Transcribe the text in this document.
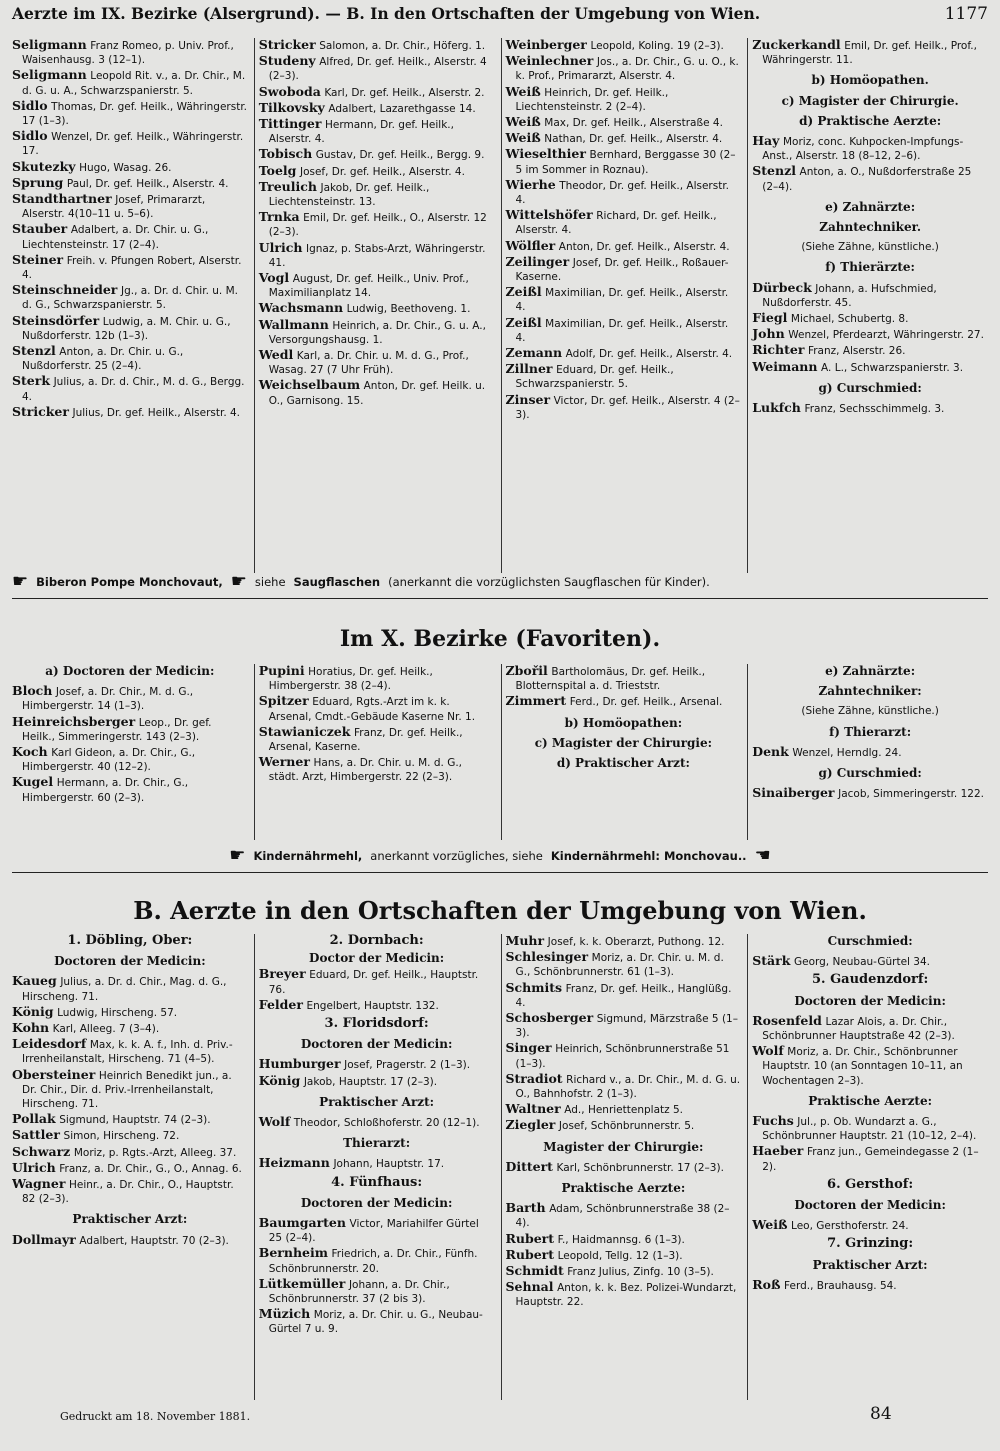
Aerzte im IX. Bezirke (Alsergrund). — B. In den Ortschaften der Umgebung von Wien.	1177
Seligmann Franz Romeo, p. Univ. Prof., Waisenhausg. 3 (12–1).
Seligmann Leopold Rit. v., a. Dr. Chir., M. d. G. u. A., Schwarzspanierstr. 5.
Sidlo Thomas, Dr. gef. Heilk., Währingerstr. 17 (1–3).
Sidlo Wenzel, Dr. gef. Heilk., Währingerstr. 17.
Skutezky Hugo, Wasag. 26.
Sprung Paul, Dr. gef. Heilk., Alserstr. 4.
Standthartner Josef, Primararzt, Alserstr. 4(10–11 u. 5–6).
Stauber Adalbert, a. Dr. Chir. u. G., Liechtensteinstr. 17 (2–4).
Steiner Freih. v. Pfungen Robert, Alserstr. 4.
Steinschneider Jg., a. Dr. d. Chir. u. M. d. G., Schwarzspanierstr. 5.
Steinsdörfer Ludwig, a. M. Chir. u. G., Nußdorferstr. 12b (1–3).
Stenzl Anton, a. Dr. Chir. u. G., Nußdorferstr. 25 (2–4).
Sterk Julius, a. Dr. d. Chir., M. d. G., Bergg. 4.
Stricker Julius, Dr. gef. Heilk., Alserstr. 4.
Stricker Salomon, a. Dr. Chir., Höferg. 1.
Studeny Alfred, Dr. gef. Heilk., Alserstr. 4 (2–3).
Swoboda Karl, Dr. gef. Heilk., Alserstr. 2.
Tilkovsky Adalbert, Lazarethgasse 14.
Tittinger Hermann, Dr. gef. Heilk., Alserstr. 4.
Tobisch Gustav, Dr. gef. Heilk., Bergg. 9.
Toelg Josef, Dr. gef. Heilk., Alserstr. 4.
Treulich Jakob, Dr. gef. Heilk., Liechtensteinstr. 13.
Trnka Emil, Dr. gef. Heilk., O., Alserstr. 12 (2–3).
Ulrich Ignaz, p. Stabs-Arzt, Währingerstr. 41.
Vogl August, Dr. gef. Heilk., Univ. Prof., Maximilianplatz 14.
Wachsmann Ludwig, Beethoveng. 1.
Wallmann Heinrich, a. Dr. Chir., G. u. A., Versorgungshausg. 1.
Wedl Karl, a. Dr. Chir. u. M. d. G., Prof., Wasag. 27 (7 Uhr Früh).
Weichselbaum Anton, Dr. gef. Heilk. u. O., Garnisong. 15.
Weinberger Leopold, Koling. 19 (2–3).
Weinlechner Jos., a. Dr. Chir., G. u. O., k. k. Prof., Primararzt, Alserstr. 4.
Weiß Heinrich, Dr. gef. Heilk., Liechtensteinstr. 2 (2–4).
Weiß Max, Dr. gef. Heilk., Alserstraße 4.
Weiß Nathan, Dr. gef. Heilk., Alserstr. 4.
Wieselthier Bernhard, Berggasse 30 (2–5 im Sommer in Roznau).
Wierhe Theodor, Dr. gef. Heilk., Alserstr. 4.
Wittelshöfer Richard, Dr. gef. Heilk., Alserstr. 4.
Wölfler Anton, Dr. gef. Heilk., Alserstr. 4.
Zeilinger Josef, Dr. gef. Heilk., Roßauer-Kaserne.
Zeißl Maximilian, Dr. gef. Heilk., Alserstr. 4.
Zeißl Maximilian, Dr. gef. Heilk., Alserstr. 4.
Zemann Adolf, Dr. gef. Heilk., Alserstr. 4.
Zillner Eduard, Dr. gef. Heilk., Schwarzspanierstr. 5.
Zinser Victor, Dr. gef. Heilk., Alserstr. 4 (2–3).
Zuckerkandl Emil, Dr. gef. Heilk., Prof., Währingerstr. 11.
b) Homöopathen.
c) Magister der Chirurgie.
d) Praktische Aerzte:
Hay Moriz, conc. Kuhpocken-Impfungs-Anst., Alserstr. 18 (8–12, 2–6).
Stenzl Anton, a. O., Nußdorferstraße 25 (2–4).
e) Zahnärzte:
Zahntechniker.
(Siehe Zähne, künstliche.)
f) Thierärzte:
Dürbeck Johann, a. Hufschmied, Nußdorferstr. 45.
Fiegl Michael, Schubertg. 8.
John Wenzel, Pferdearzt, Währingerstr. 27.
Richter Franz, Alserstr. 26.
Weimann A. L., Schwarzspanierstr. 3.
g) Curschmied:
Lukfch Franz, Sechsschimmelg. 3.
☛ Biberon Pompe Monchovaut, ☛ siehe Saugflaschen (anerkannt die vorzüglichsten Saugflaschen für Kinder).
Im X. Bezirke (Favoriten).
a) Doctoren der Medicin:
Bloch Josef, a. Dr. Chir., M. d. G., Himbergerstr. 14 (1–3).
Heinreichsberger Leop., Dr. gef. Heilk., Simmeringerstr. 143 (2–3).
Koch Karl Gideon, a. Dr. Chir., G., Himbergerstr. 40 (12–2).
Kugel Hermann, a. Dr. Chir., G., Himbergerstr. 60 (2–3).
Pupini Horatius, Dr. gef. Heilk., Himbergerstr. 38 (2–4).
Spitzer Eduard, Rgts.-Arzt im k. k. Arsenal, Cmdt.-Gebäude Kaserne Nr. 1.
Stawianiczek Franz, Dr. gef. Heilk., Arsenal, Kaserne.
Werner Hans, a. Dr. Chir. u. M. d. G., städt. Arzt, Himbergerstr. 22 (2–3).
Zbořil Bartholomäus, Dr. gef. Heilk., Blotternspital a. d. Trieststr.
Zimmert Ferd., Dr. gef. Heilk., Arsenal.
b) Homöopathen:
c) Magister der Chirurgie:
d) Praktischer Arzt:
e) Zahnärzte:
Zahntechniker:
(Siehe Zähne, künstliche.)
f) Thierarzt:
Denk Wenzel, Herndlg. 24.
g) Curschmied:
Sinaiberger Jacob, Simmeringerstr. 122.
☛ Kindernährmehl, anerkannt vorzügliches, siehe Kindernährmehl: Monchovau.. ☚
B. Aerzte in den Ortschaften der Umgebung von Wien.
1. Döbling, Ober:
Doctoren der Medicin:
Kaueg Julius, a. Dr. d. Chir., Mag. d. G., Hirscheng. 71.
König Ludwig, Hirscheng. 57.
Kohn Karl, Alleeg. 7 (3–4).
Leidesdorf Max, k. k. A. f., Inh. d. Priv.-Irrenheilanstalt, Hirscheng. 71 (4–5).
Obersteiner Heinrich Benedikt jun., a. Dr. Chir., Dir. d. Priv.-Irrenheilanstalt, Hirscheng. 71.
Pollak Sigmund, Hauptstr. 74 (2–3).
Sattler Simon, Hirscheng. 72.
Schwarz Moriz, p. Rgts.-Arzt, Alleeg. 37.
Ulrich Franz, a. Dr. Chir., G., O., Annag. 6.
Wagner Heinr., a. Dr. Chir., O., Hauptstr. 82 (2–3).
Praktischer Arzt:
Dollmayr Adalbert, Hauptstr. 70 (2–3).
2. Dornbach:
Doctor der Medicin:
Breyer Eduard, Dr. gef. Heilk., Hauptstr. 76.
Felder Engelbert, Hauptstr. 132.
3. Floridsdorf:
Doctoren der Medicin:
Humburger Josef, Pragerstr. 2 (1–3).
König Jakob, Hauptstr. 17 (2–3).
Praktischer Arzt:
Wolf Theodor, Schloßhoferstr. 20 (12–1).
Thierarzt:
Heizmann Johann, Hauptstr. 17.
4. Fünfhaus:
Doctoren der Medicin:
Baumgarten Victor, Mariahilfer Gürtel 25 (2–4).
Bernheim Friedrich, a. Dr. Chir., Fünfh. Schönbrunnerstr. 20.
Lütkemüller Johann, a. Dr. Chir., Schönbrunnerstr. 37 (2 bis 3).
Müzich Moriz, a. Dr. Chir. u. G., Neubau-Gürtel 7 u. 9.
Muhr Josef, k. k. Oberarzt, Puthong. 12.
Schlesinger Moriz, a. Dr. Chir. u. M. d. G., Schönbrunnerstr. 61 (1–3).
Schmits Franz, Dr. gef. Heilk., Hanglüßg. 4.
Schosberger Sigmund, Märzstraße 5 (1–3).
Singer Heinrich, Schönbrunnerstraße 51 (1–3).
Stradiot Richard v., a. Dr. Chir., M. d. G. u. O., Bahnhofstr. 2 (1–3).
Waltner Ad., Henriettenplatz 5.
Ziegler Josef, Schönbrunnerstr. 5.
Magister der Chirurgie:
Dittert Karl, Schönbrunnerstr. 17 (2–3).
Praktische Aerzte:
Barth Adam, Schönbrunnerstraße 38 (2–4).
Rubert F., Haidmannsg. 6 (1–3).
Rubert Leopold, Tellg. 12 (1–3).
Schmidt Franz Julius, Zinfg. 10 (3–5).
Sehnal Anton, k. k. Bez. Polizei-Wundarzt, Hauptstr. 22.
Curschmied:
Stärk Georg, Neubau-Gürtel 34.
5. Gaudenzdorf:
Doctoren der Medicin:
Rosenfeld Lazar Alois, a. Dr. Chir., Schönbrunner Hauptstraße 42 (2–3).
Wolf Moriz, a. Dr. Chir., Schönbrunner Hauptstr. 10 (an Sonntagen 10–11, an Wochentagen 2–3).
Praktische Aerzte:
Fuchs Jul., p. Ob. Wundarzt a. G., Schönbrunner Hauptstr. 21 (10–12, 2–4).
Haeber Franz jun., Gemeindegasse 2 (1–2).
6. Gersthof:
Doctoren der Medicin:
Weiß Leo, Gersthoferstr. 24.
7. Grinzing:
Praktischer Arzt:
Roß Ferd., Brauhausg. 54.
Gedruckt am 18. November 1881.	84
